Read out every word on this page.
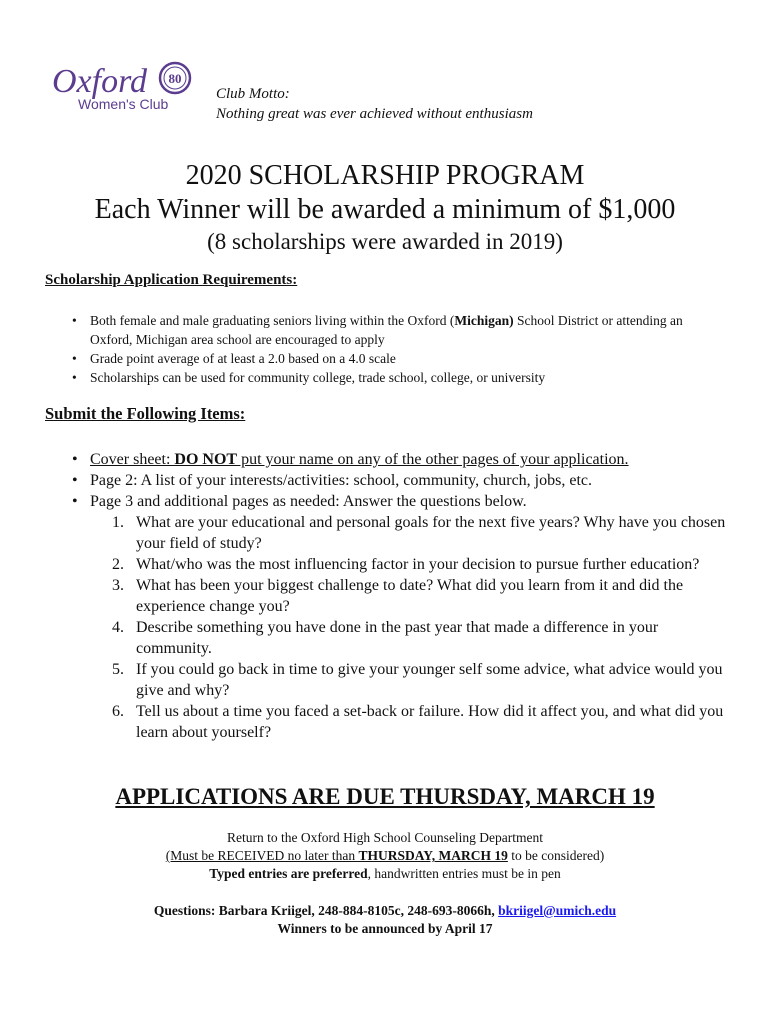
Oxford
Women's Club
80
Club Motto:
Nothing great was ever achieved without enthusiasm
2020 SCHOLARSHIP PROGRAM
Each Winner will be awarded a minimum of $1,000
(8 scholarships were awarded in 2019)
Scholarship Application Requirements:
• Both female and male graduating seniors living within the Oxford (Michigan) School District or attending an Oxford, Michigan area school are encouraged to apply
• Grade point average of at least a 2.0 based on a 4.0 scale
• Scholarships can be used for community college, trade school, college, or university
Submit the Following Items:
• Cover sheet: DO NOT put your name on any of the other pages of your application.
• Page 2: A list of your interests/activities: school, community, church, jobs, etc.
• Page 3 and additional pages as needed: Answer the questions below.
1. What are your educational and personal goals for the next five years? Why have you chosen your field of study?
2. What/who was the most influencing factor in your decision to pursue further education?
3. What has been your biggest challenge to date? What did you learn from it and did the experience change you?
4. Describe something you have done in the past year that made a difference in your community.
5. If you could go back in time to give your younger self some advice, what advice would you give and why?
6. Tell us about a time you faced a set-back or failure. How did it affect you, and what did you learn about yourself?
APPLICATIONS ARE DUE THURSDAY, MARCH 19
Return to the Oxford High School Counseling Department
(Must be RECEIVED no later than THURSDAY, MARCH 19 to be considered)
Typed entries are preferred, handwritten entries must be in pen
Questions: Barbara Kriigel, 248-884-8105c, 248-693-8066h, bkriigel@umich.edu
Winners to be announced by April 17
